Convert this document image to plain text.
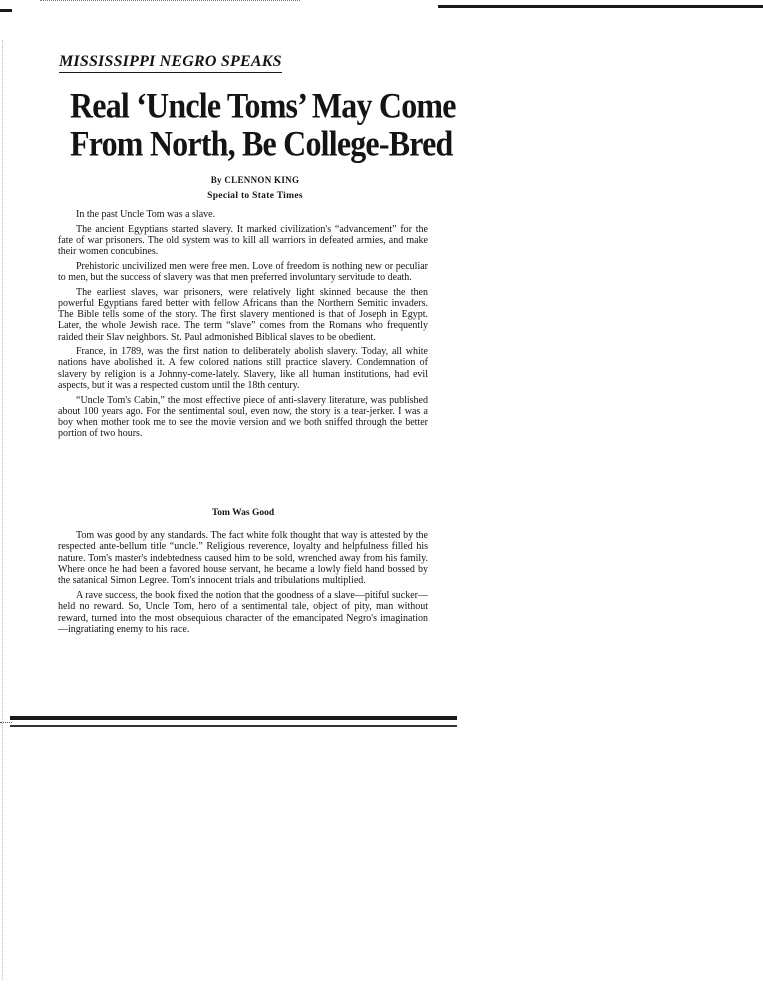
MISSISSIPPI NEGRO SPEAKS
Real ‘Uncle Toms’ May Come
From North, Be College-Bred
By CLENNON KING
Special to State Times

In the past Uncle Tom was a slave.

The ancient Egyptians started slavery. It marked civilization's “advancement” for the fate of war prisoners. The old system was to kill all warriors in defeated armies, and make their women concubines.

Prehistoric uncivilized men were free men. Love of freedom is nothing new or peculiar to men, but the success of slavery was that men preferred involuntary servitude to death.

The earliest slaves, war prisoners, were relatively light skinned because the then powerful Egyptians fared better with fellow Africans than the Northern Semitic invaders. The Bible tells some of the story. The first slavery mentioned is that of Joseph in Egypt. Later, the whole Jewish race. The term “slave” comes from the Romans who frequently raided their Slav neighbors. St. Paul admonished Biblical slaves to be obedient.

France, in 1789, was the first nation to deliberately abolish slavery. Today, all white nations have abolished it. A few colored nations still practice slavery. Condemnation of slavery by religion is a Johnny-come-lately. Slavery, like all human institutions, had evil aspects, but it was a respected custom until the 18th century.

“Uncle Tom's Cabin,” the most effective piece of anti-slavery literature, was published about 100 years ago. For the sentimental soul, even now, the story is a tear-jerker. I was a boy when mother took me to see the movie version and we both sniffed through the better portion of two hours.

Tom Was Good

Tom was good by any standards. The fact white folk thought that way is attested by the respected ante-bellum title “uncle.” Religious reverence, loyalty and helpfulness filled his nature. Tom's master's indebtedness caused him to be sold, wrenched away from his family. Where once he had been a favored house servant, he became a lowly field hand bossed by the satanical Simon Legree. Tom's innocent trials and tribulations multiplied.

A rave success, the book fixed the notion that the goodness of a slave—pitiful sucker—held no reward. So, Uncle Tom, hero of a sentimental tale, object of pity, man without reward, turned into the most obsequious character of the emancipated Negro's imagination—ingratiating enemy to his race.
